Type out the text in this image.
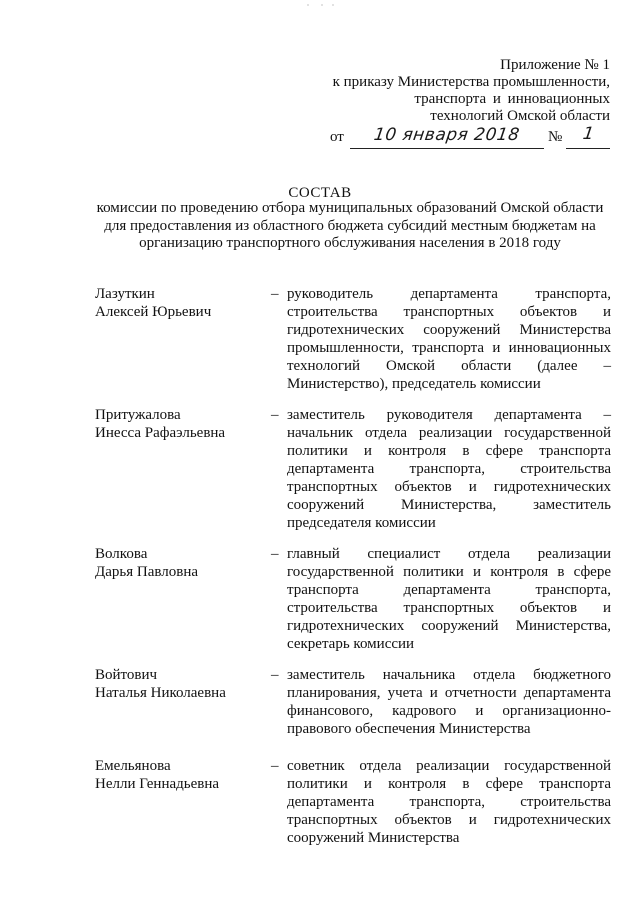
Приложение № 1
к приказу Министерства промышленности,
транспорта и инновационных
технологий Омской области
от	10 января 2018	№	1
СОСТАВ
комиссии по проведению отбора муниципальных образований Омской области
для предоставления из областного бюджета субсидий местным бюджетам на
организацию транспортного обслуживания населения в 2018 году
Лазуткин
Алексей Юрьевич
– руководитель департамента транспорта,
строительства транспортных объектов и
гидротехнических сооружений Министерства
промышленности, транспорта и инновационных
технологий Омской области (далее –
Министерство), председатель комиссии
Притужалова
Инесса Рафаэльевна
– заместитель руководителя департамента –
начальник отдела реализации государственной
политики и контроля в сфере транспорта
департамента транспорта, строительства
транспортных объектов и гидротехнических
сооружений Министерства, заместитель
председателя комиссии
Волкова
Дарья Павловна
– главный специалист отдела реализации
государственной политики и контроля в сфере
транспорта департамента транспорта,
строительства транспортных объектов и
гидротехнических сооружений Министерства,
секретарь комиссии
Войтович
Наталья Николаевна
– заместитель начальника отдела бюджетного
планирования, учета и отчетности департамента
финансового, кадрового и организационно-
правового обеспечения Министерства
Емельянова
Нелли Геннадьевна
– советник отдела реализации государственной
политики и контроля в сфере транспорта
департамента транспорта, строительства
транспортных объектов и гидротехнических
сооружений Министерства
